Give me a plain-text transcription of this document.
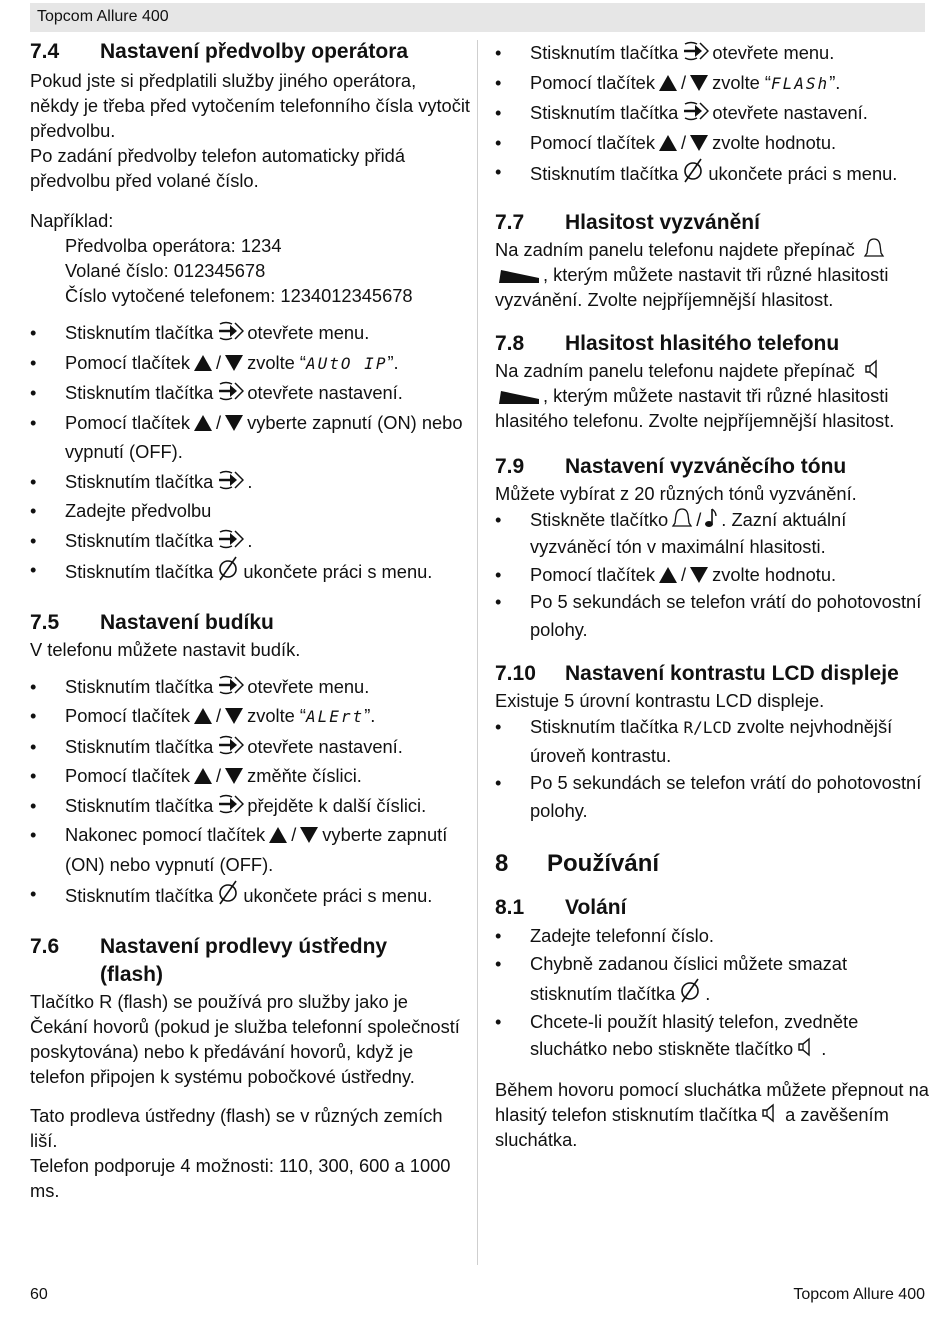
Topcom Allure 400
7.4	Nastavení předvolby operátora

Pokud jste si předplatili služby jiného operátora, někdy je třeba před vytočením telefonního čísla vytočit předvolbu.

Po zadání předvolby telefon automaticky přidá předvolbu před volané číslo.

Například:

Předvolba operátora: 1234

Volané číslo: 012345678

Číslo vytočené telefonem: 1234012345678

• Stisknutím tlačítka otevřete menu.
• Pomocí tlačítek / zvolte “AUtO IP”.
• Stisknutím tlačítka otevřete nastavení.
• Pomocí tlačítek / vyberte zapnutí (ON) nebo vypnutí (OFF).
• Stisknutím tlačítka .
• Zadejte předvolbu
• Stisknutím tlačítka .
• Stisknutím tlačítka ukončete práci s menu.
7.5	Nastavení budíku

V telefonu můžete nastavit budík.

• Stisknutím tlačítka otevřete menu.
• Pomocí tlačítek / zvolte “ALErt”.
• Stisknutím tlačítka otevřete nastavení.
• Pomocí tlačítek / změňte číslici.
• Stisknutím tlačítka přejděte k další číslici.
• Nakonec pomocí tlačítek / vyberte zapnutí (ON) nebo vypnutí (OFF).
• Stisknutím tlačítka ukončete práci s menu.
7.6	Nastavení prodlevy ústředny (flash)

Tlačítko R (flash) se používá pro služby jako je Čekání hovorů (pokud je služba telefonní společností poskytována) nebo k předávání hovorů, když je telefon připojen k systému pobočkové ústředny.

Tato prodleva ústředny (flash) se v různých zemích liší.

Telefon podporuje 4 možnosti: 110, 300, 600 a 1000 ms.

• Stisknutím tlačítka otevřete menu.
• Pomocí tlačítek / zvolte “FLASh”.
• Stisknutím tlačítka otevřete nastavení.
• Pomocí tlačítek / zvolte hodnotu.
• Stisknutím tlačítka ukončete práci s menu.
7.7	Hlasitost vyzvánění

Na zadním panelu telefonu najdete přepínač , kterým můžete nastavit tři různé hlasitosti vyzvánění. Zvolte nejpříjemnější hlasitost.

7.8	Hlasitost hlasitého telefonu

Na zadním panelu telefonu najdete přepínač , kterým můžete nastavit tři různé hlasitosti hlasitého telefonu. Zvolte nejpříjemnější hlasitost.

7.9	Nastavení vyzváněcího tónu

Můžete vybírat z 20 různých tónů vyzvánění.

• Stiskněte tlačítko / . Zazní aktuální vyzváněcí tón v maximální hlasitosti.
• Pomocí tlačítek / zvolte hodnotu.
• Po 5 sekundách se telefon vrátí do pohotovostní polohy.
7.10	Nastavení kontrastu LCD displeje

Existuje 5 úrovní kontrastu LCD displeje.

• Stisknutím tlačítka R/LCD zvolte nejvhodnější úroveň kontrastu.
• Po 5 sekundách se telefon vrátí do pohotovostní polohy.
8	Používání
8.1	Volání
• Zadejte telefonní číslo.
• Chybně zadanou číslici můžete smazat stisknutím tlačítka .
• Chcete-li použít hlasitý telefon, zvedněte sluchátko nebo stiskněte tlačítko .

Během hovoru pomocí sluchátka můžete přepnout na hlasitý telefon stisknutím tlačítka a zavěšením sluchátka.

60	Topcom Allure 400
